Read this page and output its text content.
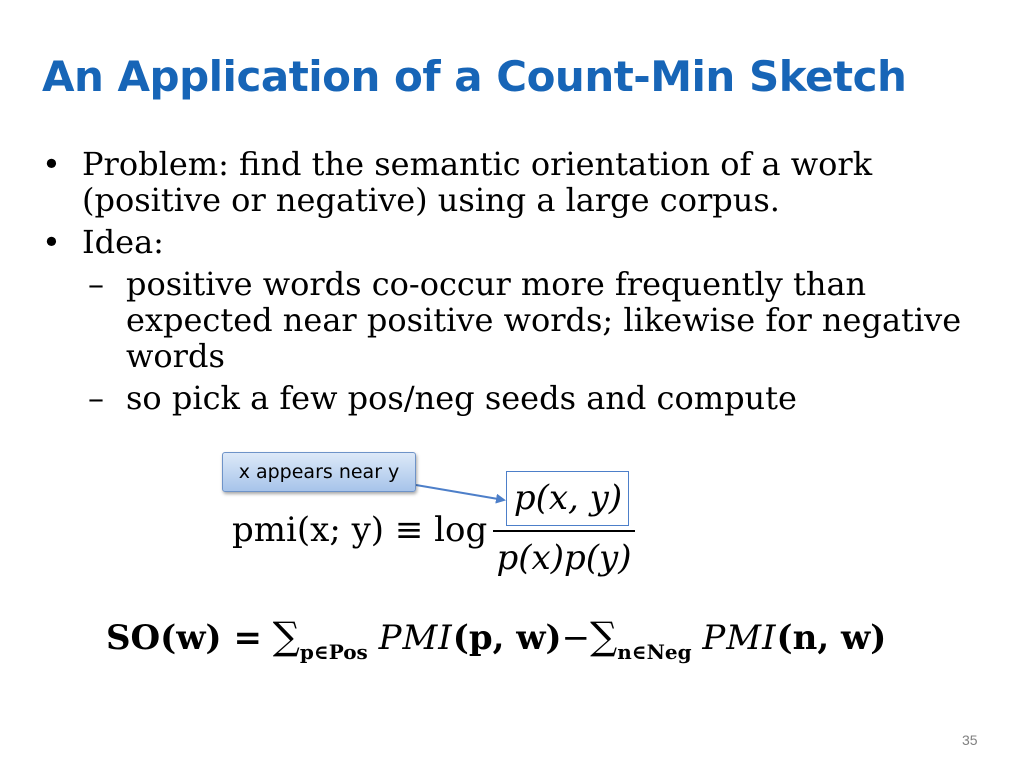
An Application of a Count-Min Sketch
• Problem: find the semantic orientation of a work (positive or negative) using a large corpus.
• Idea:
– positive words co-occur more frequently than expected near positive words; likewise for negative words
– so pick a few pos/neg seeds and compute
x appears near y
pmi(x; y) ≡ log
p(x, y)
p(x)p(y)
$SO(w) = \sum_{p\in Pos}$ PMI(p, $w)-\sum_{n\in Neg}$ PMI(n, w)
35
